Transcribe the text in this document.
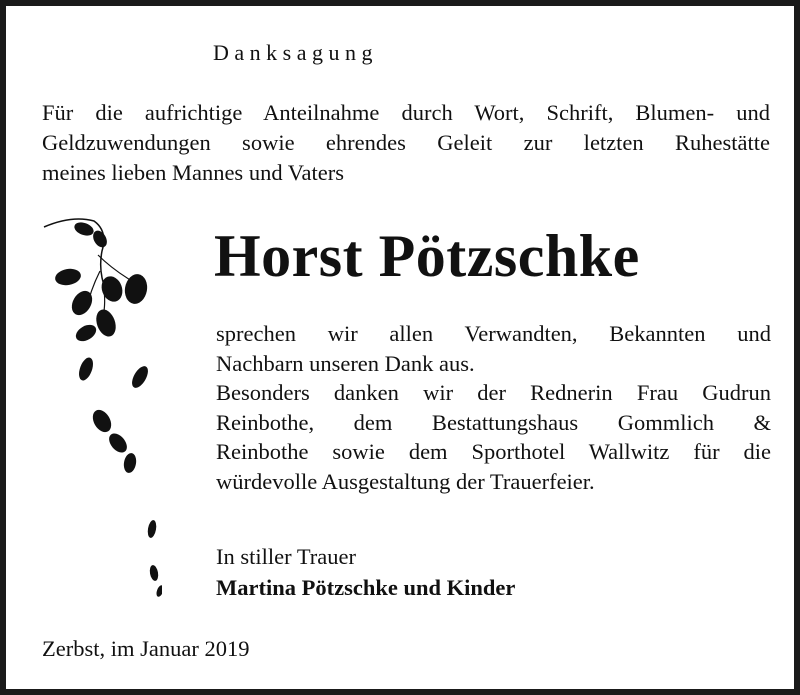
Danksagung
Für die aufrichtige Anteilnahme durch Wort, Schrift, Blumen- und
Geldzuwendungen sowie ehrendes Geleit zur letzten Ruhestätte
meines lieben Mannes und Vaters
Horst Pötzschke
sprechen wir allen Verwandten, Bekannten und
Nachbarn unseren Dank aus.
Besonders danken wir der Rednerin Frau Gudrun
Reinbothe, dem Bestattungshaus Gommlich &
Reinbothe sowie dem Sporthotel Wallwitz für die
würdevolle Ausgestaltung der Trauerfeier.
In stiller Trauer
Martina Pötzschke und Kinder
Zerbst, im Januar 2019
